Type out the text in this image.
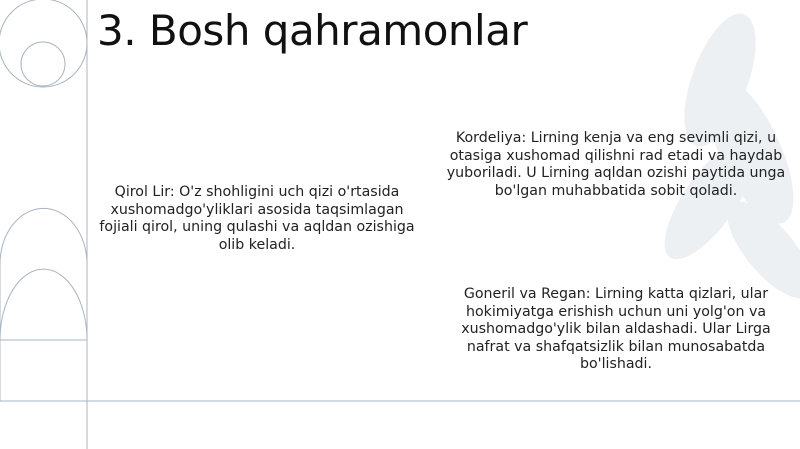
3. Bosh qahramonlar
Qirol Lir: O'z shohligini uch qizi o'rtasida xushomadgo'yliklari asosida taqsimlagan fojiali qirol, uning qulashi va aqldan ozishiga olib keladi.
Kordeliya: Lirning kenja va eng sevimli qizi, u otasiga xushomad qilishni rad etadi va haydab yuboriladi. U Lirning aqldan ozishi paytida unga bo'lgan muhabbatida sobit qoladi.
Goneril va Regan: Lirning katta qizlari, ular hokimiyatga erishish uchun uni yolg'on va xushomadgo'ylik bilan aldashadi. Ular Lirga nafrat va shafqatsizlik bilan munosabatda bo'lishadi.
